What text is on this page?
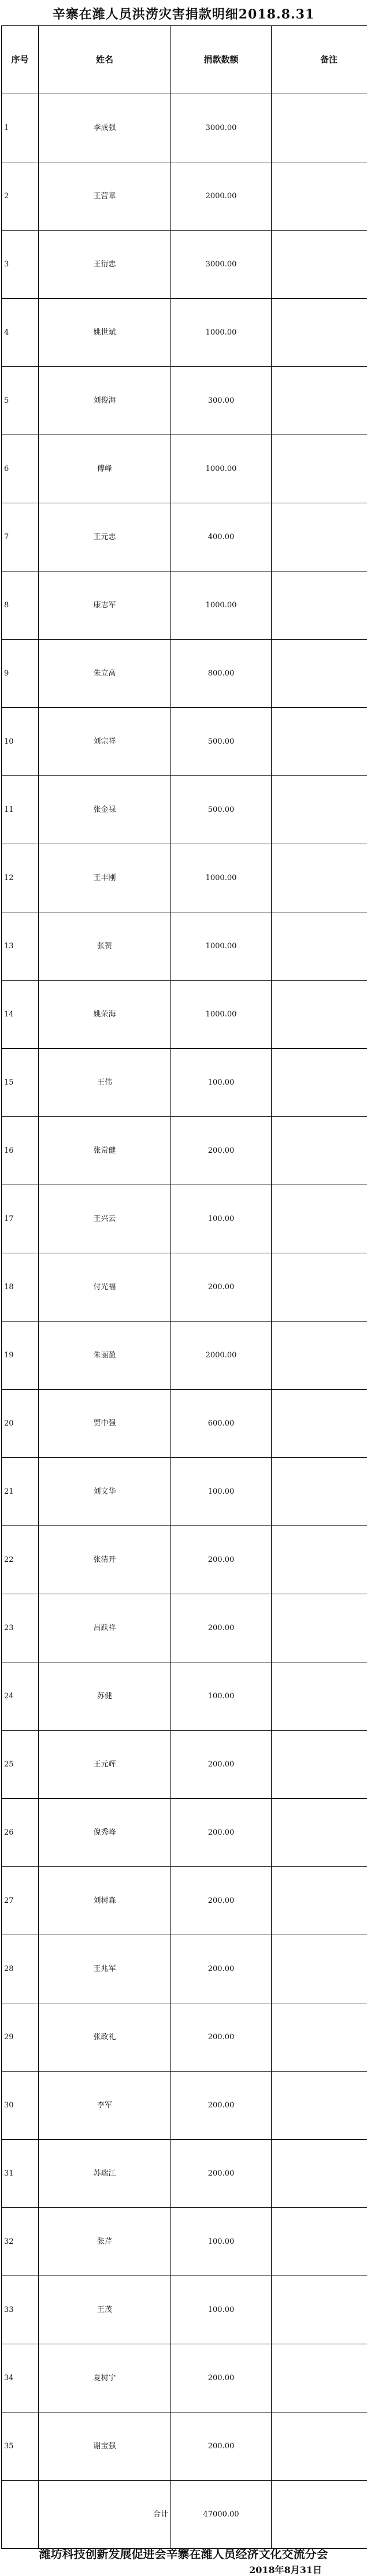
辛寨在潍人员洪涝灾害捐款明细2018.8.31
序号	姓名	捐款数额	备注
1	李成强	3000.00	
2	王营章	2000.00	
3	王衍忠	3000.00	
4	姚世斌	1000.00	
5	刘俊海	300.00	
6	傅峰	1000.00	
7	王元忠	400.00	
8	康志军	1000.00	
9	朱立高	800.00	
10	刘宗祥	500.00	
11	张金禄	500.00	
12	王丰刚	1000.00	
13	张赞	1000.00	
14	姚荣海	1000.00	
15	王伟	100.00	
16	张常健	200.00	
17	王兴云	100.00	
18	付光福	200.00	
19	朱丽盈	2000.00	
20	贾中强	600.00	
21	刘文华	100.00	
22	张清开	200.00	
23	吕跃祥	200.00	
24	苏健	100.00	
25	王元辉	200.00	
26	倪秀峰	200.00	
27	刘树森	200.00	
28	王兆军	200.00	
29	张政礼	200.00	
30	李军	200.00	
31	苏瑞江	200.00	
32	张芹	100.00	
33	王茂	100.00	
34	夏树宁	200.00	
35	谢宝强	200.00	
	合计	47000.00	
潍坊科技创新发展促进会辛寨在潍人员经济文化交流分会
2018年8月31日
